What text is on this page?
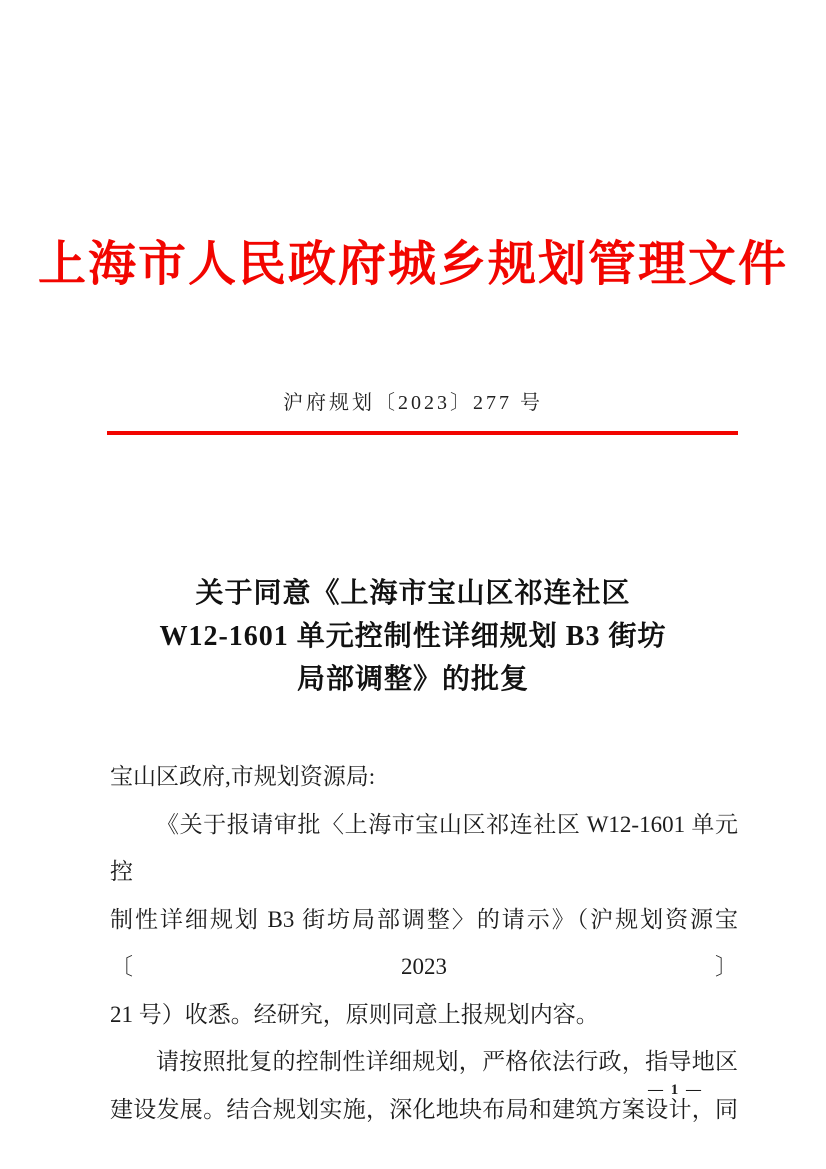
上海市人民政府城乡规划管理文件
沪府规划〔2023〕277 号
关于同意《上海市宝山区祁连社区
W12-1601 单元控制性详细规划 B3 街坊
局部调整》的批复
宝山区政府,市规划资源局:
《关于报请审批〈上海市宝山区祁连社区 W12-1601 单元控
制性详细规划 B3 街坊局部调整〉的请示》（沪规划资源宝〔2023〕
21 号）收悉。经研究，原则同意上报规划内容。
请按照批复的控制性详细规划，严格依法行政，指导地区
建设发展。结合规划实施，深化地块布局和建筑方案设计，同
— 1 —
